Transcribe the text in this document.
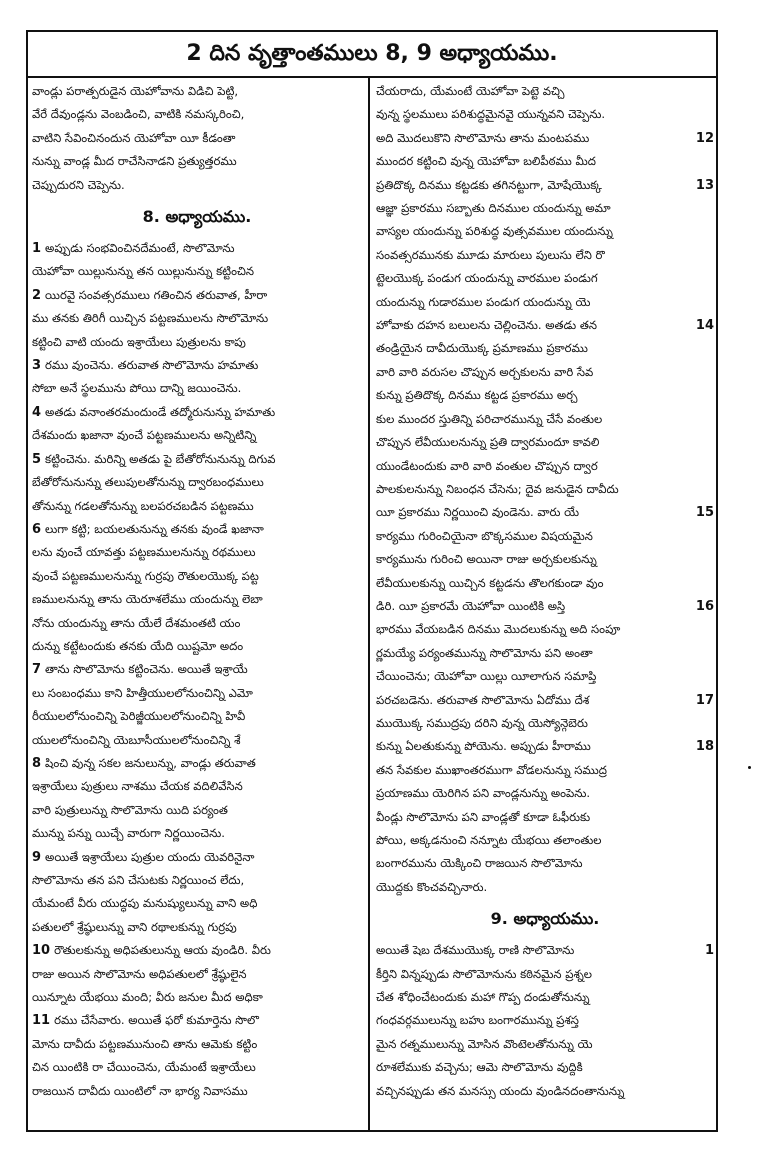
2 దిన వృత్తాంతములు 8, 9 అధ్యాయము.
వాండ్లు పరాత్పరుడైన యెహోవాను విడిచి పెట్టి,
వేరే దేవుండ్లను వెంబడించి, వాటికి నమస్కరించి,
వాటిని సేవించినందున యెహోవా యీ కీడంతా
నున్ను వాండ్ల మీద రాచేసినాడని ప్రత్యుత్తరము
చెప్పుదురని చెప్పెను.
8. అధ్యాయము.
1 అప్పుడు సంభవించినదేమంటే, సొలొమోను
యెహోవా యిల్లునున్ను తన యిల్లునున్ను కట్టించిన
2 యిరవై సంవత్సరములు గతించిన తరువాత, హీరా
ము తనకు తిరిగీ యిచ్చిన పట్టణములను సొలొమోను
కట్టించి వాటి యందు ఇశ్రాయేలు పుత్రులను కాపు
3 రము వుంచెను. తరువాత సొలొమోను హమాతు
సోబా అనే స్థలమును పోయి దాన్ని జయించెను.
4 అతడు వనాంతరమందుండే తద్మోరునున్ను హమాతు
దేశమందు ఖజానా వుంచే పట్టణములను అన్నిటిన్ని
5 కట్టించెను. మరిన్ని అతడు పై బేతోరోనునున్ను దిగువ
బేతోరోనునున్ను తలుపులతోనున్ను ద్వారబంధములు
తోనున్ను గడలతోనున్ను బలపరచబడిన పట్టణము
6 లుగా కట్టి; బయలతునున్ను తనకు వుండే ఖజానా
లను వుంచే యావత్తు పట్టణములనున్ను రథములు
వుంచే పట్టణములనున్ను గుర్రపు రౌతులయొక్క పట్ట
ణములనున్ను తాను యెరూశలేము యందున్ను లెబా
నోను యందున్ను తాను యేలే దేశమంతటి యం
దున్ను కట్టేటందుకు తనకు యేది యిష్టమో అదం
7 తాను సొలొమోను కట్టించెను. అయితే ఇశ్రాయే
లు సంబంధము కాని హిత్తీయులలోనుంచిన్ని ఎమో
రీయులలోనుంచిన్ని పెరిజ్జీయులలోనుంచిన్ని హివీ
యులలోనుంచిన్ని యెబూసీయులలోనుంచిన్ని శే
8 షించి వున్న సకల జనులున్ను, వాండ్లు తరువాత
ఇశ్రాయేలు పుత్రులు నాశము చేయక వదిలివేసిన
వారి పుత్రులున్ను సొలొమోను యిది పర్యంత
మున్ను పన్ను యిచ్చే వారుగా నిర్ణయించెను.
9 అయితే ఇశ్రాయేలు పుత్రుల యందు యెవరినైనా
సొలొమోను తన పని చేసుటకు నిర్ణయించ లేదు,
యేమంటే వీరు యుద్ధపు మనుష్యులున్ను వాని అధి
పతులలో శ్రేష్ఠులున్ను వాని రథాలకున్ను గుర్రపు
10 రౌతులకున్ను అధిపతులున్ను ఆయ వుండిరి. వీరు
రాజు అయిన సొలొమోను అధిపతులలో శ్రేష్ఠులైన
యిన్నూట యేభయి మంది; వీరు జనుల మీద అధికా
11 రము చేసేవారు. అయితే ఫరో కుమార్తెను సొలొ
మోను దావీదు పట్టణమునుంచి తాను ఆమెకు కట్టిం
చిన యింటికి రా చేయించెను, యేమంటే ఇశ్రాయేలు
రాజయిన దావీదు యింటిలో నా భార్య నివాసము
చేయరాదు, యేమంటే యెహోవా పెట్టె వచ్చి
వున్న స్థలములు పరిశుద్ధమైనవై యున్నవని చెప్పెను.
12
అది మొదలుకొని సొలొమోను తాను మంటపము
ముందర కట్టించి వున్న యెహోవా బలిపీఠము మీద
13
ప్రతిదొక్క దినము కట్టడకు తగినట్టుగా, మోషేయొక్క
ఆజ్ఞా ప్రకారము సబ్బాతు దినముల యందున్ను అమా
వాస్యల యందున్ను పరిశుద్ధ వుత్సవముల యందున్ను
సంవత్సరమునకు మూడు మారులు పులుసు లేని రొ
ట్టెలయొక్క పండుగ యందున్ను వారముల పండుగ
యందున్ను గుడారముల పండుగ యందున్ను యె
14
హోవాకు దహన బలులను చెల్లించెను. అతడు తన
తండ్రియైన దావీదుయొక్క ప్రమాణము ప్రకారము
వారి వారి వరుసల చొప్పున అర్చకులను వారి సేవ
కున్ను ప్రతిదొక్క దినము కట్టడ ప్రకారము అర్చ
కుల ముందర స్తుతిన్ని పరిచారమున్ను చేసే వంతుల
చొప్పున లేవీయులనున్ను ప్రతి ద్వారమందూ కావలి
యుండేటందుకు వారి వారి వంతుల చొప్పున ద్వార
పాలకులనున్ను నిబంధన చేసెను; దైవ జనుడైన దావీదు
15
యీ ప్రకారము నిర్ణయించి వుండెను. వారు యే
కార్యము గురించియైనా బొక్కసముల విషయమైన
కార్యమును గురించి అయినా రాజు అర్చకులకున్ను
లేవీయులకున్ను యిచ్చిన కట్టడను తొలగకుండా వుం
16
డిరి. యీ ప్రకారమే యెహోవా యింటికి అస్తి
భారము వేయబడిన దినము మొదలుకున్ను అది సంపూ
ర్ణమయ్యే పర్యంతమున్ను సొలొమోను పని అంతా
చేయించెను; యెహోవా యిల్లు యీలాగున సమాప్తి
17
పరచబడెను. తరువాత సొలొమోను ఏదోము దేశ
ముయొక్క సముద్రపు దరిని వున్న యెస్యోన్గెబెరు
18
కున్ను ఏలతుకున్ను పోయెను. అప్పుడు హీరాము
తన సేవకుల ముఖాంతరముగా వోడలనున్ను సముద్ర
ప్రయాణము యెరిగిన పని వాండ్లనున్ను అంపెను.
వీండ్లు సొలొమోను పని వాండ్లతో కూడా ఓఫీరుకు
పోయి, అక్కడనుంచి నన్నూట యేభయి తలాంతుల
బంగారమును యెక్కించి రాజయిన సొలొమోను
యొద్దకు కొంచవచ్చినారు.
9. అధ్యాయము.
1
అయితే షెబ దేశముయొక్క రాణి సొలొమోను
కీర్తిని విన్నప్పుడు సొలొమోనును కఠినమైన ప్రశ్నల
చేత శోధించేటందుకు మహా గొప్ప దండుతోనున్ను
గంధవర్గములున్ను బహు బంగారమున్ను ప్రశస్త
మైన రత్నములున్ను మోసిన వొంటెలతోనున్ను యె
రూశలేముకు వచ్చెను; ఆమె సొలొమోను వుద్దికి
వచ్చినప్పుడు తన మనస్సు యందు వుండినదంతానున్ను
